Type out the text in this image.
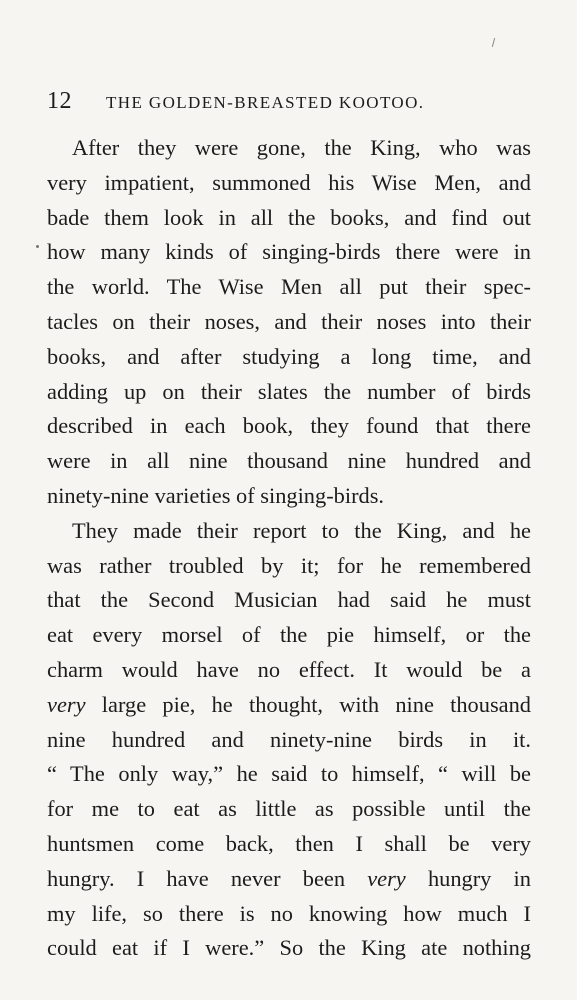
12 THE GOLDEN-BREASTED KOOTOO.
After they were gone, the King, who was
very impatient, summoned his Wise Men, and
bade them look in all the books, and find out
how many kinds of singing-birds there were in
the world. The Wise Men all put their spec-
tacles on their noses, and their noses into their
books, and after studying a long time, and
adding up on their slates the number of birds
described in each book, they found that there
were in all nine thousand nine hundred and
ninety-nine varieties of singing-birds.
They made their report to the King, and he
was rather troubled by it; for he remembered
that the Second Musician had said he must
eat every morsel of the pie himself, or the
charm would have no effect. It would be a
very large pie, he thought, with nine thousand
nine hundred and ninety-nine birds in it.
“ The only way,” he said to himself, “ will be
for me to eat as little as possible until the
huntsmen come back, then I shall be very
hungry. I have never been very hungry in
my life, so there is no knowing how much I
could eat if I were.” So the King ate nothing
